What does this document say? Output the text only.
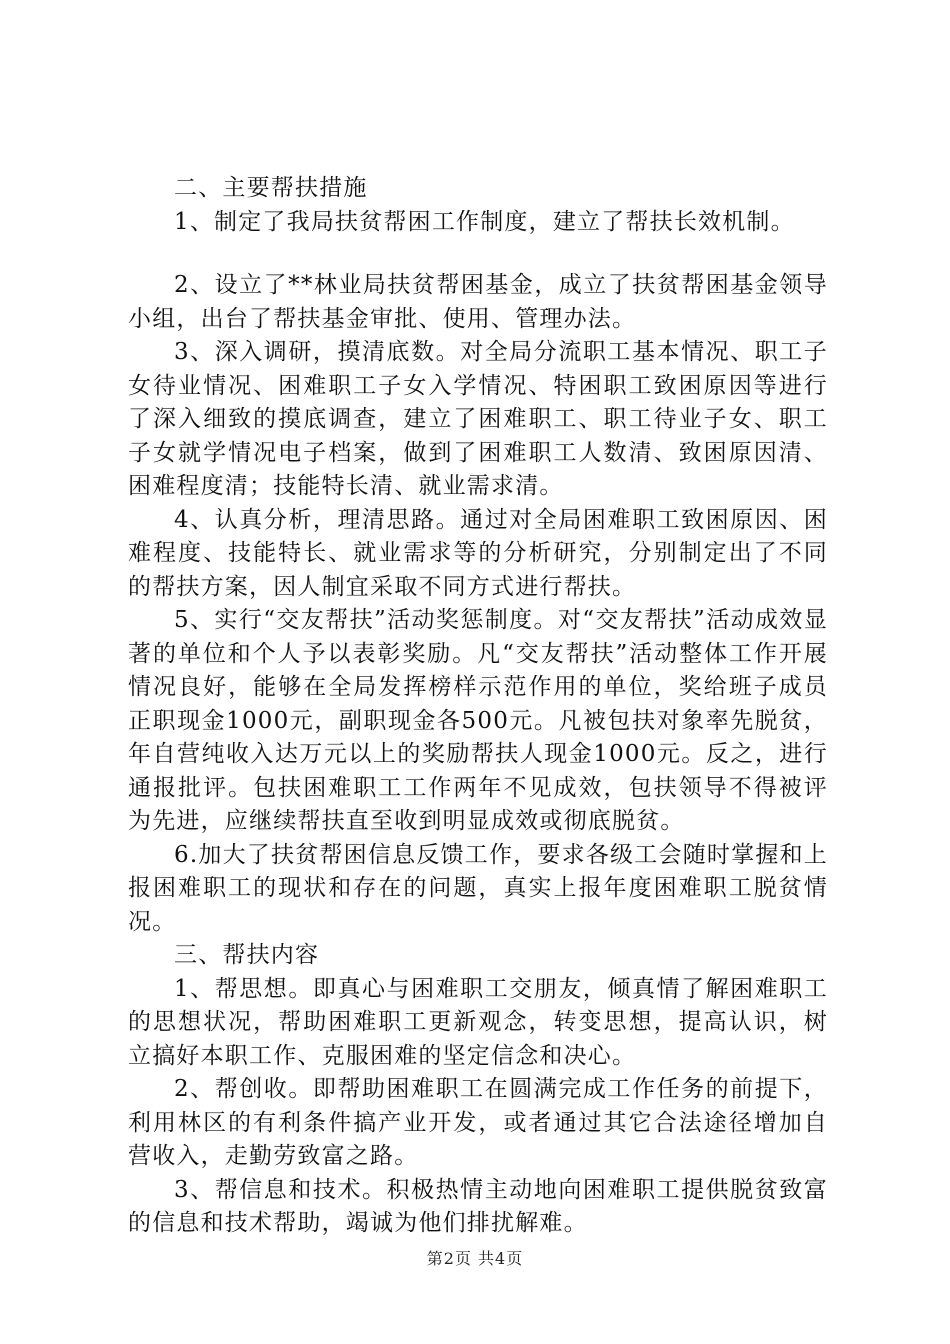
二、主要帮扶措施

1、制定了我局扶贫帮困工作制度，建立了帮扶长效机制。

2、设立了**林业局扶贫帮困基金，成立了扶贫帮困基金领导小组，出台了帮扶基金审批、使用、管理办法。

3、深入调研，摸清底数。对全局分流职工基本情况、职工子女待业情况、困难职工子女入学情况、特困职工致困原因等进行了深入细致的摸底调查，建立了困难职工、职工待业子女、职工子女就学情况电子档案，做到了困难职工人数清、致困原因清、困难程度清；技能特长清、就业需求清。

4、认真分析，理清思路。通过对全局困难职工致困原因、困难程度、技能特长、就业需求等的分析研究，分别制定出了不同的帮扶方案，因人制宜采取不同方式进行帮扶。

5、实行“交友帮扶”活动奖惩制度。对“交友帮扶”活动成效显著的单位和个人予以表彰奖励。凡“交友帮扶”活动整体工作开展情况良好，能够在全局发挥榜样示范作用的单位，奖给班子成员正职现金1000元，副职现金各500元。凡被包扶对象率先脱贫，年自营纯收入达万元以上的奖励帮扶人现金1000元。反之，进行通报批评。包扶困难职工工作两年不见成效，包扶领导不得被评为先进，应继续帮扶直至收到明显成效或彻底脱贫。

6.加大了扶贫帮困信息反馈工作，要求各级工会随时掌握和上报困难职工的现状和存在的问题，真实上报年度困难职工脱贫情况。

三、帮扶内容

1、帮思想。即真心与困难职工交朋友，倾真情了解困难职工的思想状况，帮助困难职工更新观念，转变思想，提高认识，树立搞好本职工作、克服困难的坚定信念和决心。

2、帮创收。即帮助困难职工在圆满完成工作任务的前提下，利用林区的有利条件搞产业开发，或者通过其它合法途径增加自营收入，走勤劳致富之路。

3、帮信息和技术。积极热情主动地向困难职工提供脱贫致富的信息和技术帮助，竭诚为他们排扰解难。

第2页 共4页
